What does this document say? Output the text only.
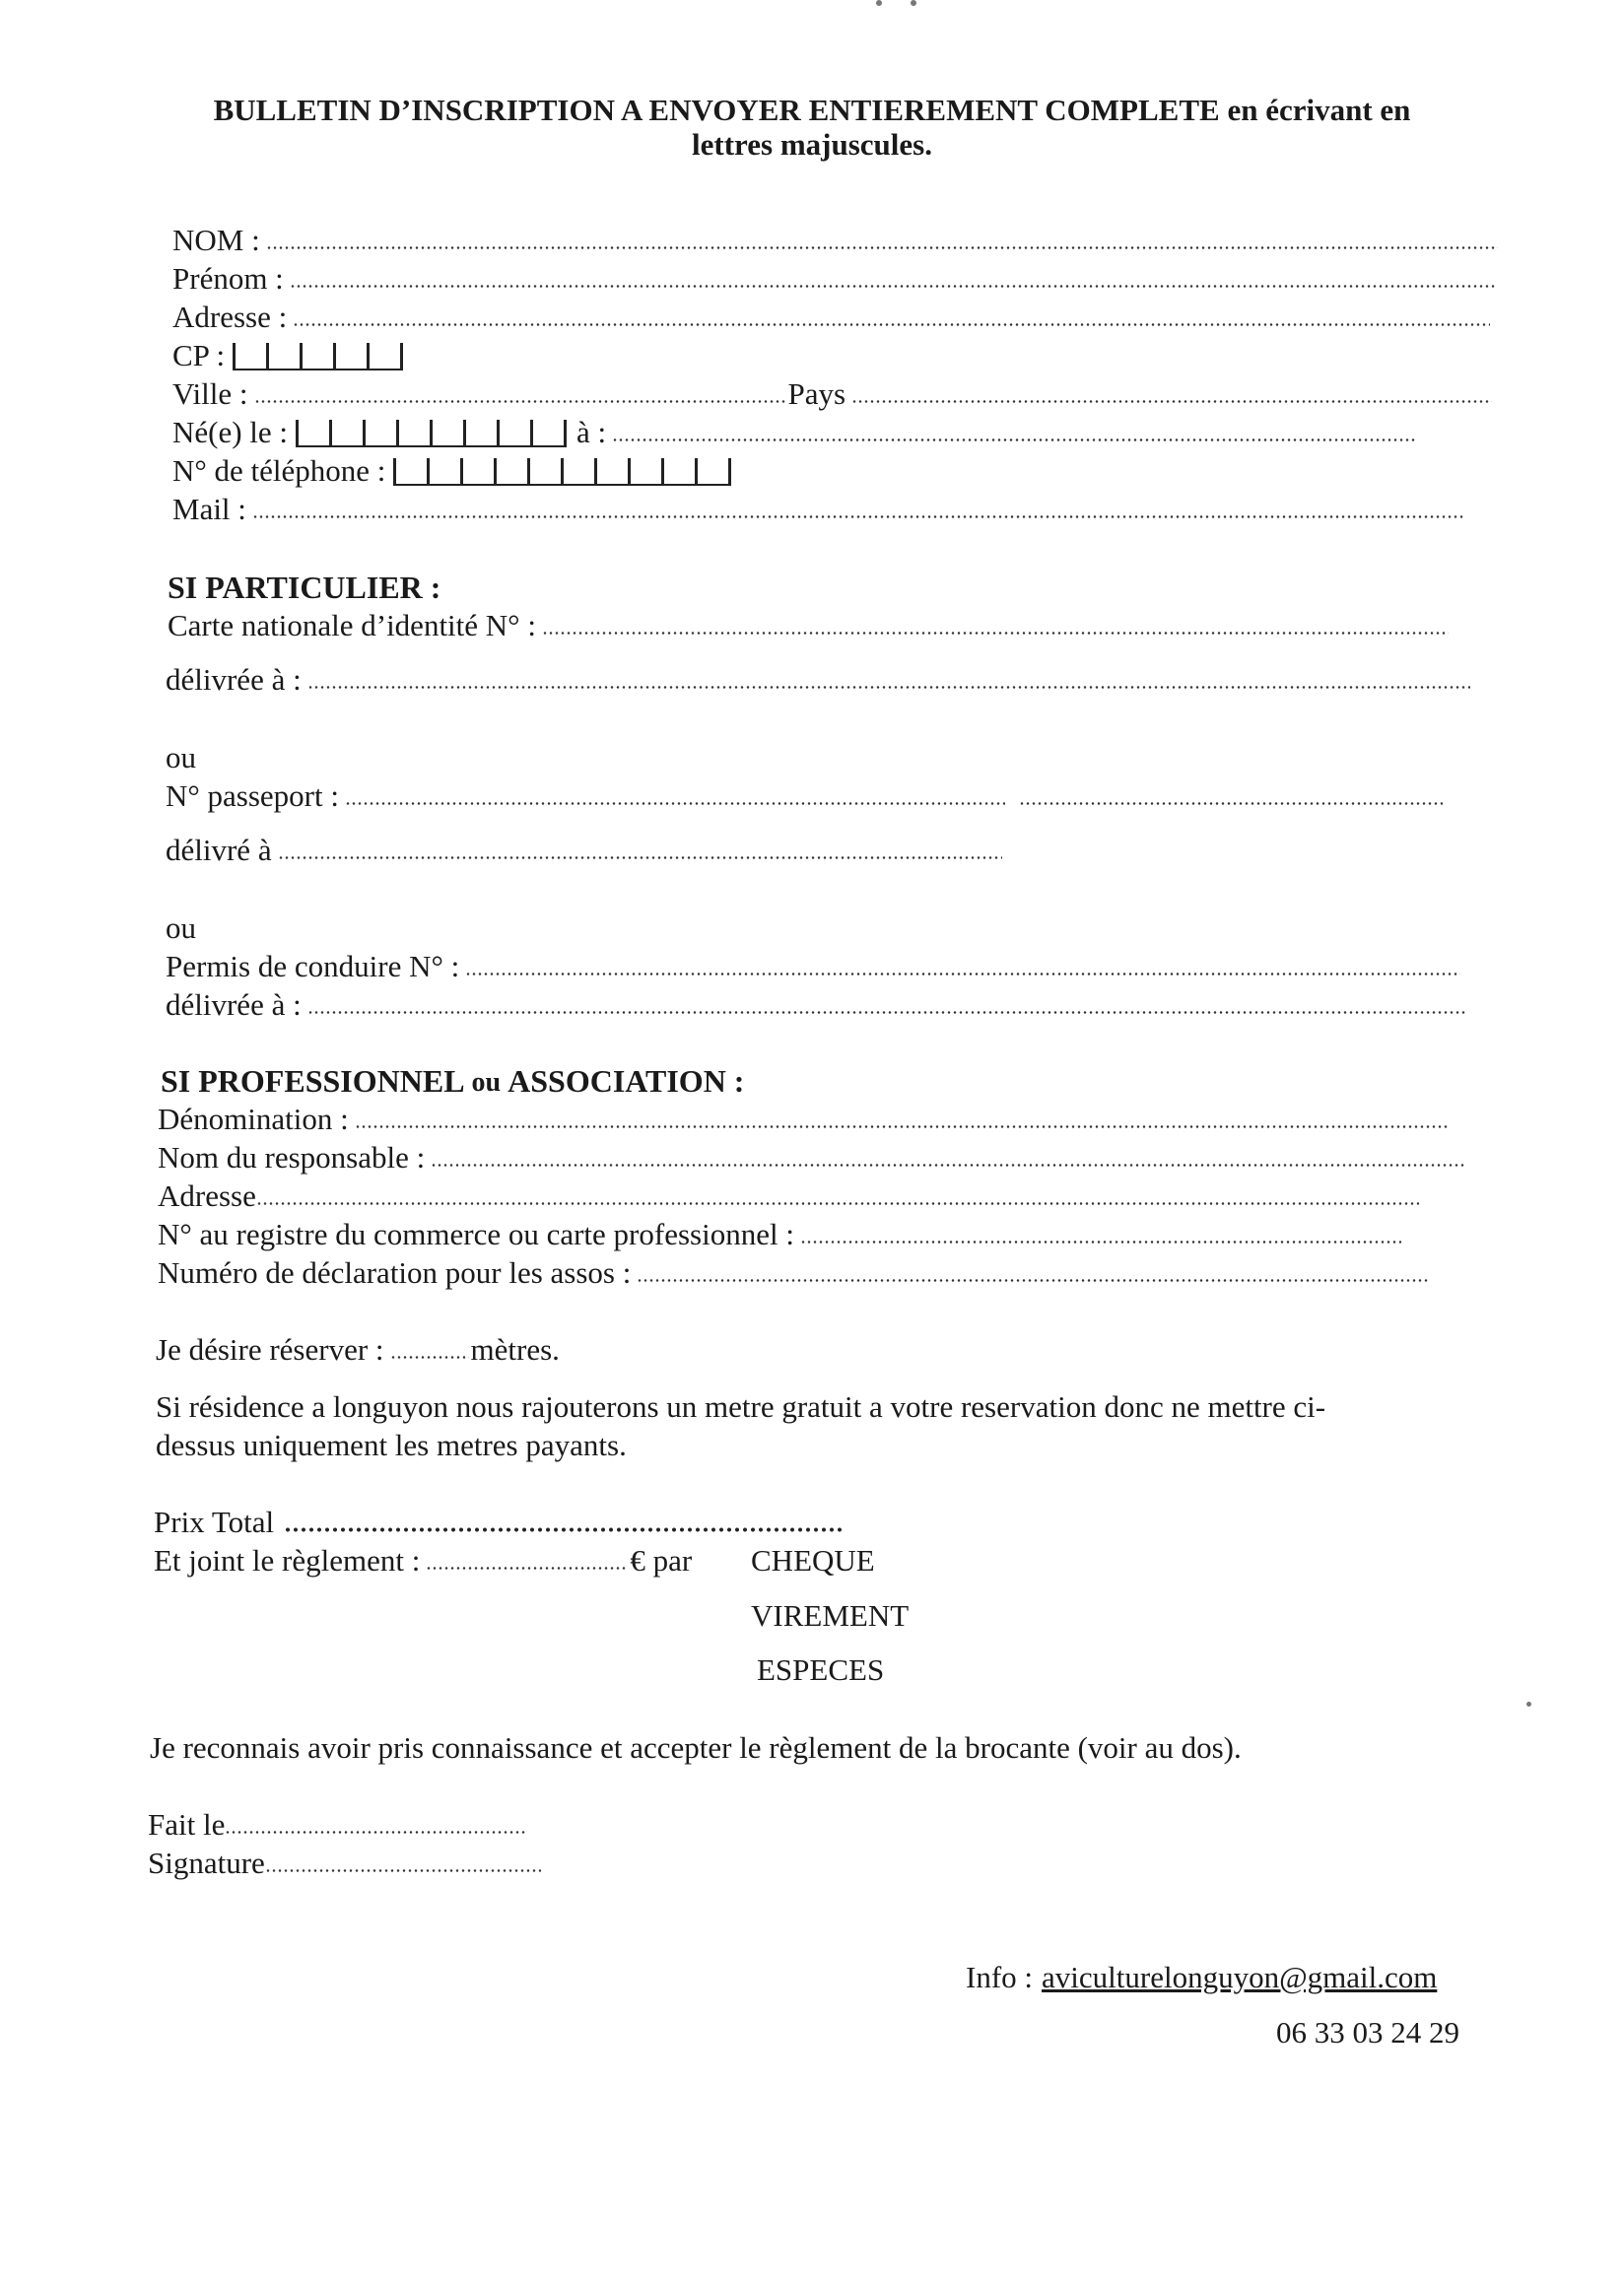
BULLETIN D’INSCRIPTION A ENVOYER ENTIEREMENT COMPLETE en écrivant en
lettres majuscules.
NOM :
Prénom :
Adresse :
CP :
Ville :	Pays
Né(e) le :	à :
N° de téléphone :
Mail :
SI PARTICULIER :
Carte nationale d’identité N° :
délivrée à :
ou
N° passeport :
délivré à
ou
Permis de conduire N° :
délivrée à :
SI PROFESSIONNEL ou ASSOCIATION :
Dénomination :
Nom du responsable :
Adresse
N° au registre du commerce ou carte professionnel :
Numéro de déclaration pour les assos :
Je désire réserver :	mètres.
Si résidence a longuyon nous rajouterons un metre gratuit a votre reservation donc ne mettre ci-
dessus uniquement les metres payants.
Prix Total
Et joint le règlement :	€ par CHEQUE
VIREMENT
ESPECES
Je reconnais avoir pris connaissance et accepter le règlement de la brocante (voir au dos).
Fait le
Signature
Info : aviculturelonguyon@gmail.com
06 33 03 24 29
